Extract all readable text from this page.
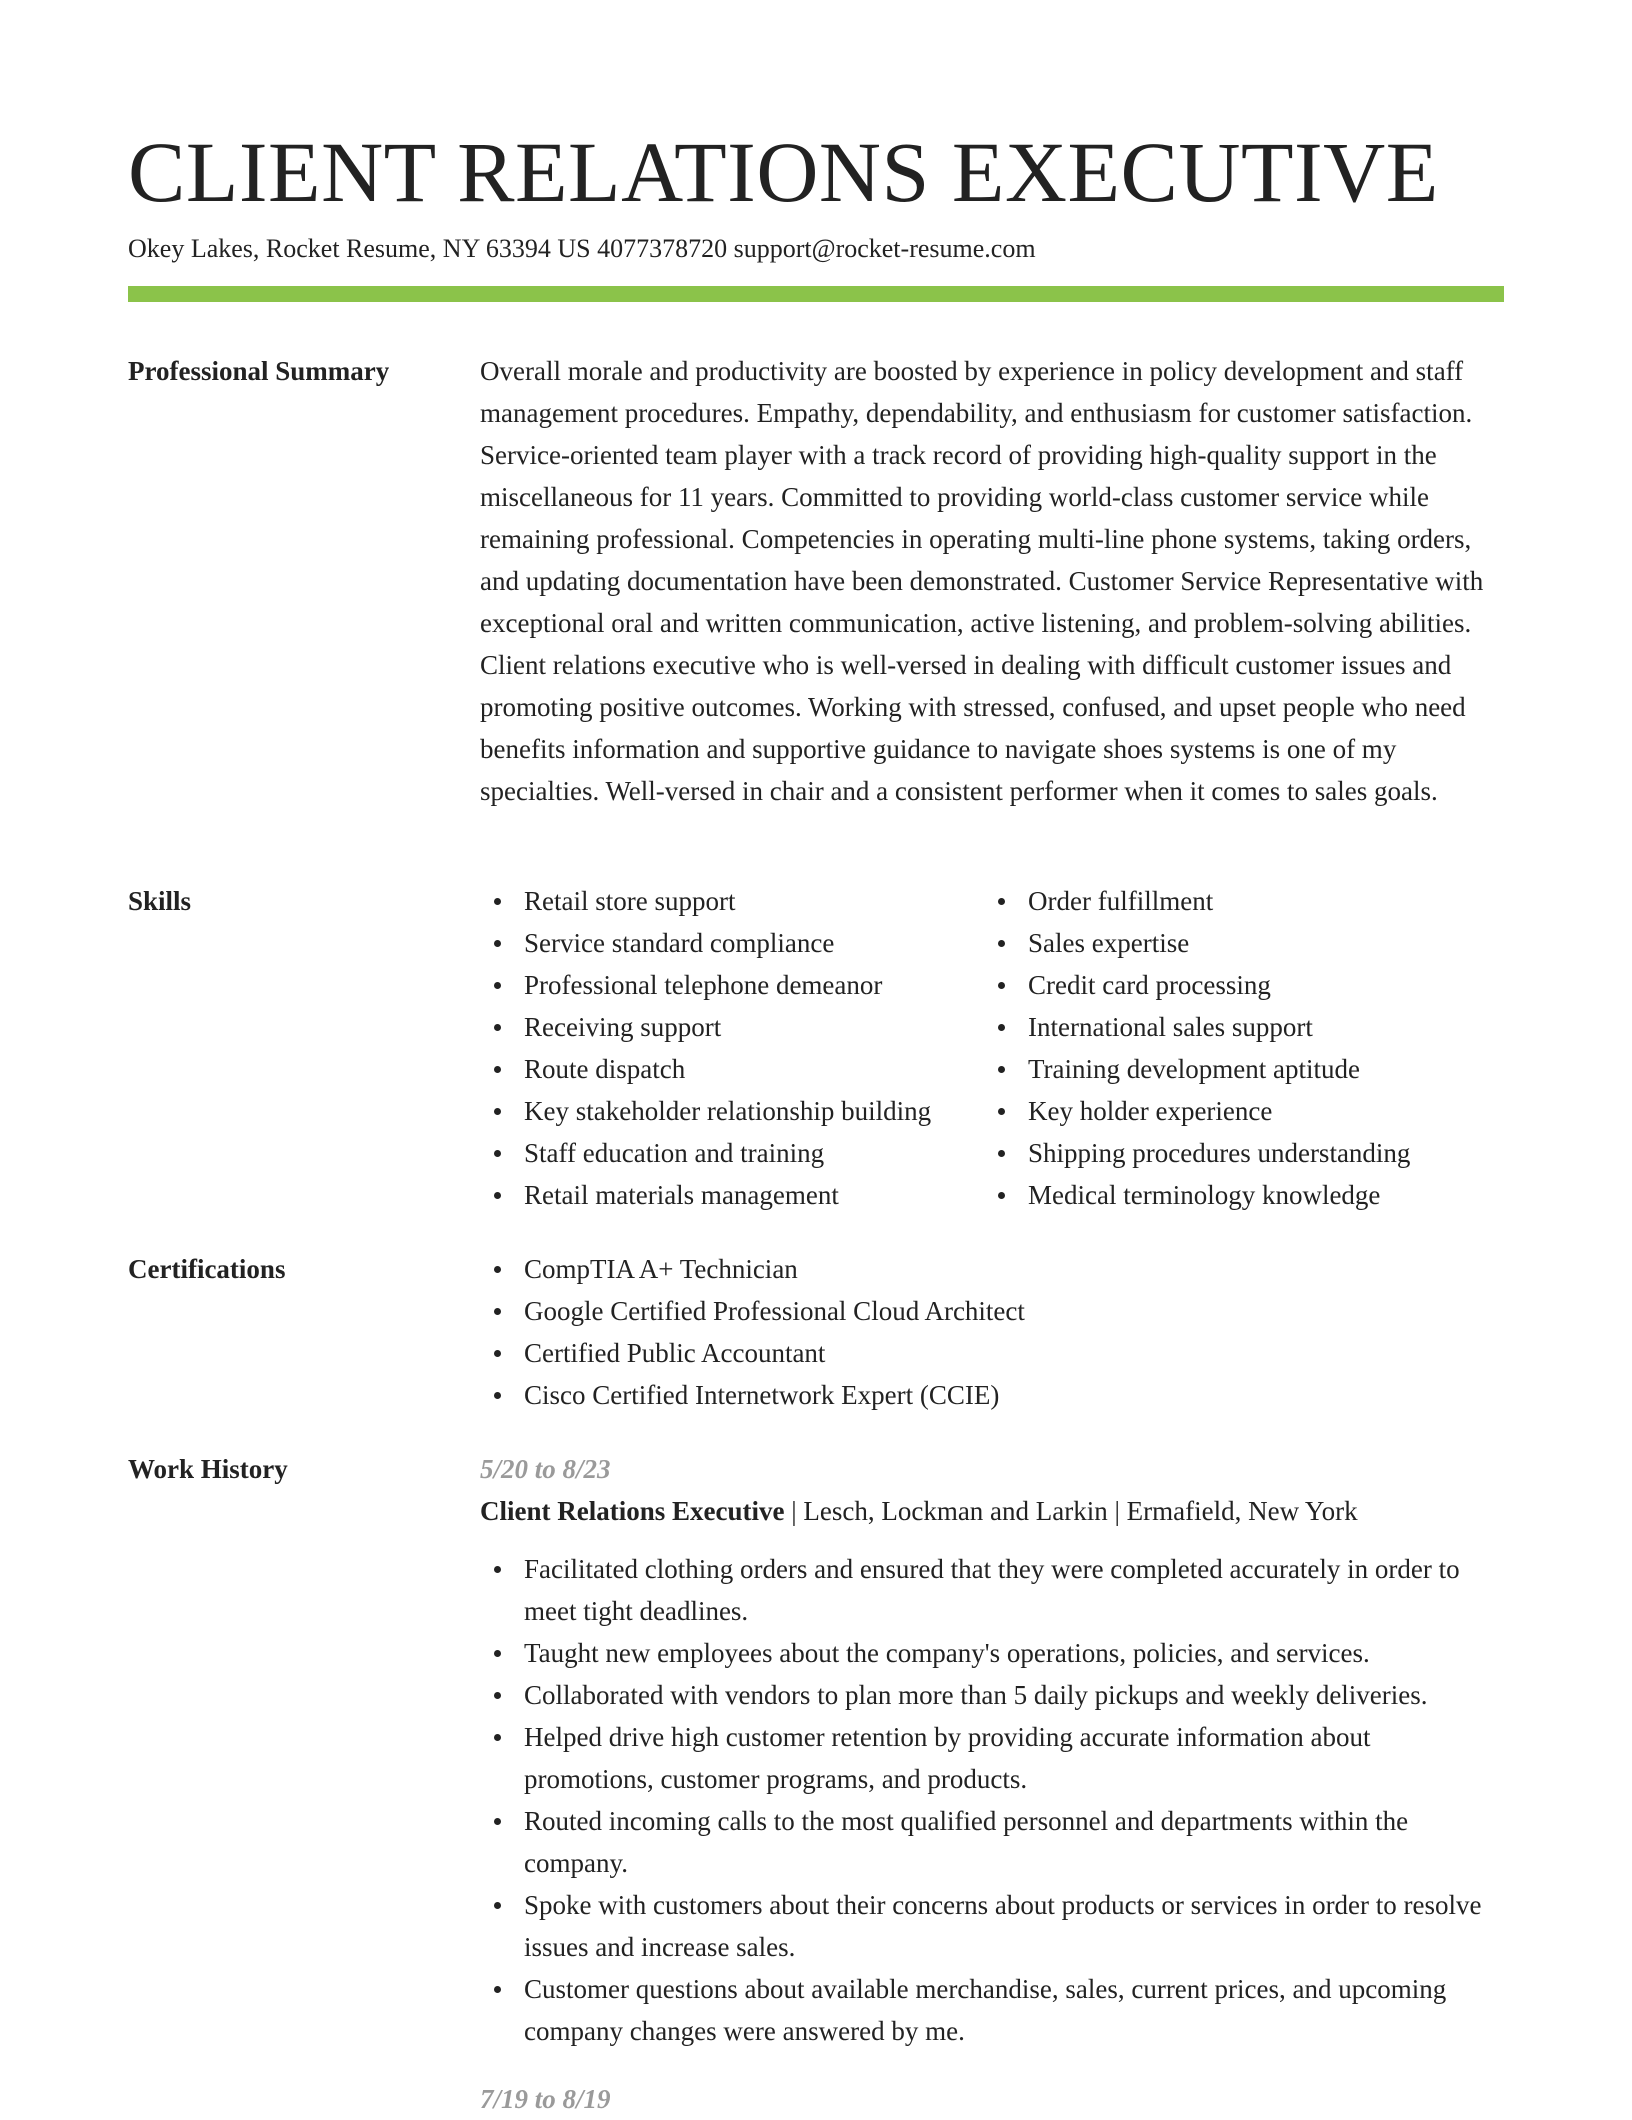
CLIENT RELATIONS EXECUTIVE
Okey Lakes, Rocket Resume, NY 63394 US 4077378720 support@rocket-resume.com
Professional Summary	Overall morale and productivity are boosted by experience in policy development and staff management procedures. Empathy, dependability, and enthusiasm for customer satisfaction. Service-oriented team player with a track record of providing high-quality support in the miscellaneous for 11 years. Committed to providing world-class customer service while remaining professional. Competencies in operating multi-line phone systems, taking orders, and updating documentation have been demonstrated. Customer Service Representative with exceptional oral and written communication, active listening, and problem-solving abilities. Client relations executive who is well-versed in dealing with difficult customer issues and promoting positive outcomes. Working with stressed, confused, and upset people who need benefits information and supportive guidance to navigate shoes systems is one of my specialties. Well-versed in chair and a consistent performer when it comes to sales goals.

Skills	Retail store support
Service standard compliance
Professional telephone demeanor
Receiving support
Route dispatch
Key stakeholder relationship building
Staff education and training
Retail materials management
Order fulfillment
Sales expertise
Credit card processing
International sales support
Training development aptitude
Key holder experience
Shipping procedures understanding
Medical terminology knowledge
Certifications	CompTIA A+ Technician
Google Certified Professional Cloud Architect
Certified Public Accountant
Cisco Certified Internetwork Expert (CCIE)
Work History	5/20 to 8/23
Client Relations Executive | Lesch, Lockman and Larkin | Ermafield, New York
Facilitated clothing orders and ensured that they were completed accurately in order to meet tight deadlines.
Taught new employees about the company's operations, policies, and services.
Collaborated with vendors to plan more than 5 daily pickups and weekly deliveries.
Helped drive high customer retention by providing accurate information about promotions, customer programs, and products.
Routed incoming calls to the most qualified personnel and departments within the company.
Spoke with customers about their concerns about products or services in order to resolve issues and increase sales.
Customer questions about available merchandise, sales, current prices, and upcoming company changes were answered by me.
7/19 to 8/19
